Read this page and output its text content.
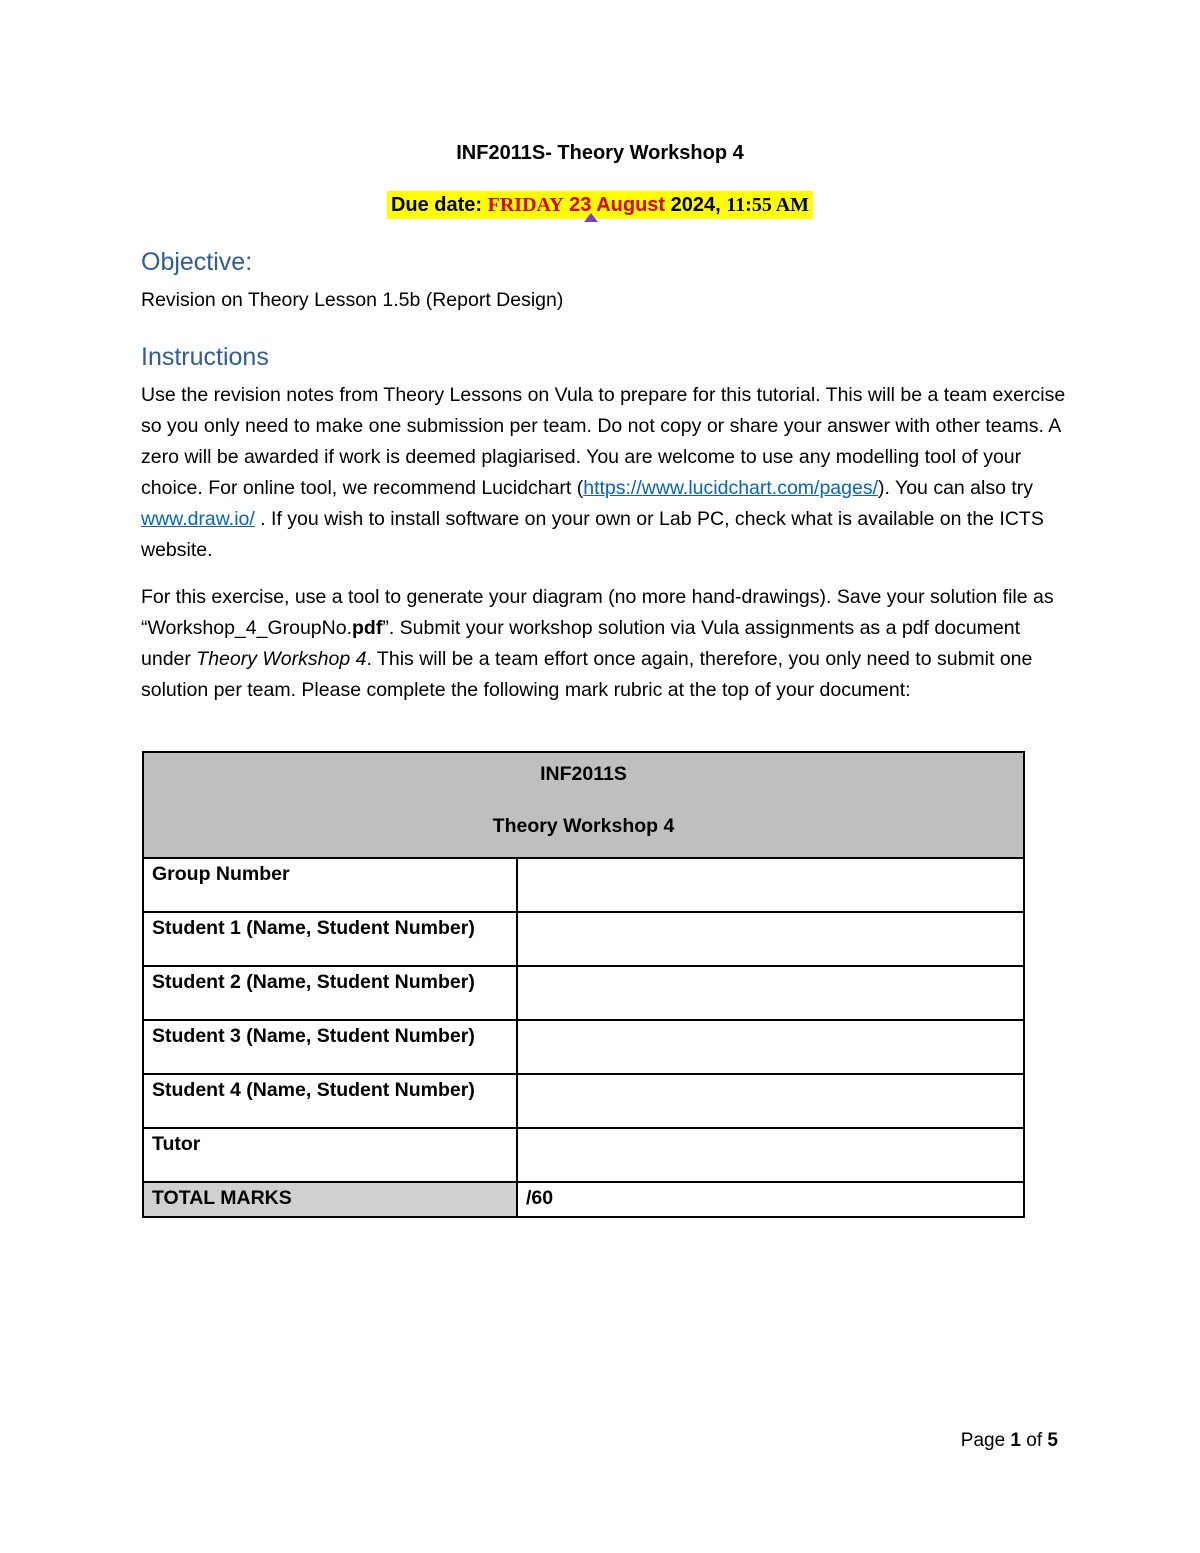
INF2011S- Theory Workshop 4
Due date: FRIDAY 23 August 2024, 11:55 AM
Objective:
Revision on Theory Lesson 1.5b (Report Design)
Instructions
Use the revision notes from Theory Lessons on Vula to prepare for this tutorial. This will be a team exercise so you only need to make one submission per team. Do not copy or share your answer with other teams. A zero will be awarded if work is deemed plagiarised. You are welcome to use any modelling tool of your choice. For online tool, we recommend Lucidchart (https://www.lucidchart.com/pages/). You can also try www.draw.io/ . If you wish to install software on your own or Lab PC, check what is available on the ICTS website.
For this exercise, use a tool to generate your diagram (no more hand-drawings). Save your solution file as “Workshop_4_GroupNo.pdf”. Submit your workshop solution via Vula assignments as a pdf document under Theory Workshop 4. This will be a team effort once again, therefore, you only need to submit one solution per team. Please complete the following mark rubric at the top of your document:
INF2011S
Theory Workshop 4	

Group Number	
Student 1 (Name, Student Number)	
Student 2 (Name, Student Number)	
Student 3 (Name, Student Number)	
Student 4 (Name, Student Number)	
Tutor	
TOTAL MARKS	/60
Page 1 of 5
